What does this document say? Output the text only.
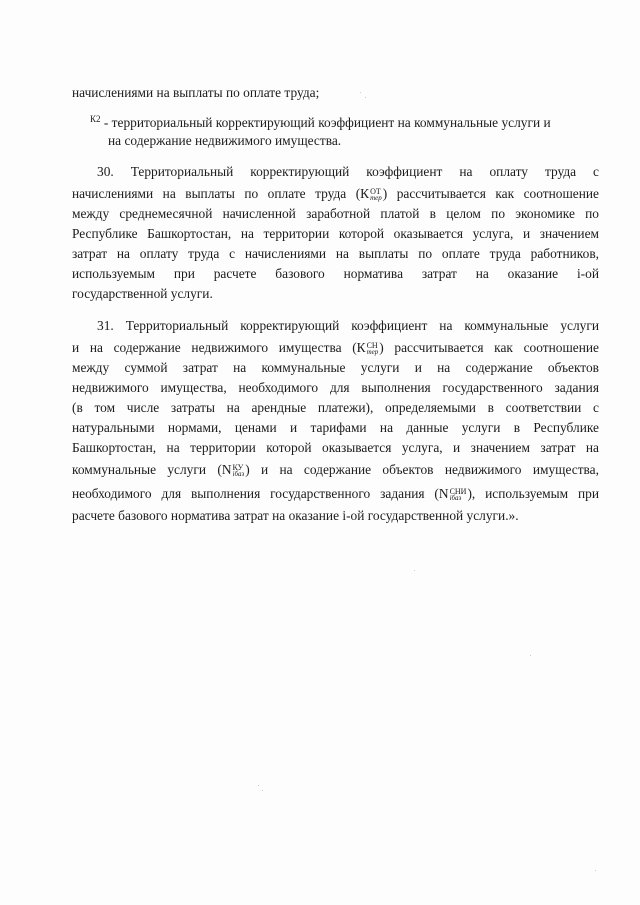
начислениями на выплаты по оплате труда;
$^{К2}$ - территориальный корректирующий коэффициент на коммунальные услуги и
на содержание недвижимого имущества.
30. Территориальный корректирующий коэффициент на оплату труда с
начислениями на выплаты по оплате труда (К ОТ
тер ) рассчитывается как соотношение
между среднемесячной начисленной заработной платой в целом по экономике по
Республике Башкортостан, на территории которой оказывается услуга, и значением
затрат на оплату труда с начислениями на выплаты по оплате труда работников,
используемым при расчете базового норматива затрат на оказание i-ой
государственной услуги.
31. Территориальный корректирующий коэффициент на коммунальные услуги
и на содержание недвижимого имущества (К СН
тер ) рассчитывается как соотношение
между суммой затрат на коммунальные услуги и на содержание объектов
недвижимого имущества, необходимого для выполнения государственного задания
(в том числе затраты на арендные платежи), определяемыми в соответствии с
натуральными нормами, ценами и тарифами на данные услуги в Республике
Башкортостан, на территории которой оказывается услуга, и значением затрат на
коммунальные услуги (N КУ
iбаз ) и на содержание объектов недвижимого имущества,
необходимого для выполнения государственного задания (N СНИ
iбаз ), используемым при
расчете базового норматива затрат на оказание i-ой государственной услуги.».
